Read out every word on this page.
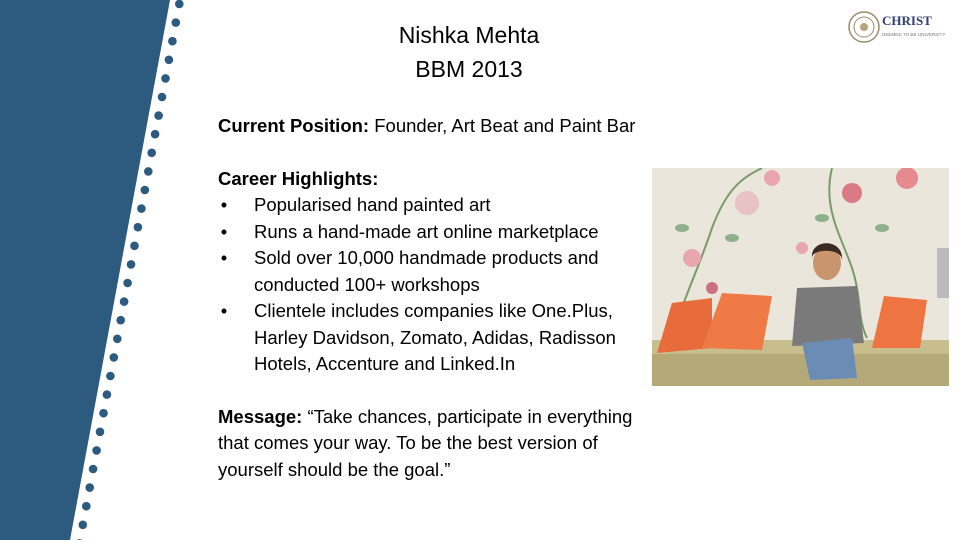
Nishka Mehta
BBM 2013
CHRIST
DEEMED TO BE UNIVERSITY

Current Position: Founder, Art Beat and Paint Bar

Career Highlights:

• Popularised hand painted art
• Runs a hand-made art online marketplace
• Sold over 10,000 handmade products and conducted 100+ workshops
• Clientele includes companies like One.Plus, Harley Davidson, Zomato, Adidas, Radisson Hotels, Accenture and Linked.In

Message: “Take chances, participate in everything that comes your way. To be the best version of yourself should be the goal.”
